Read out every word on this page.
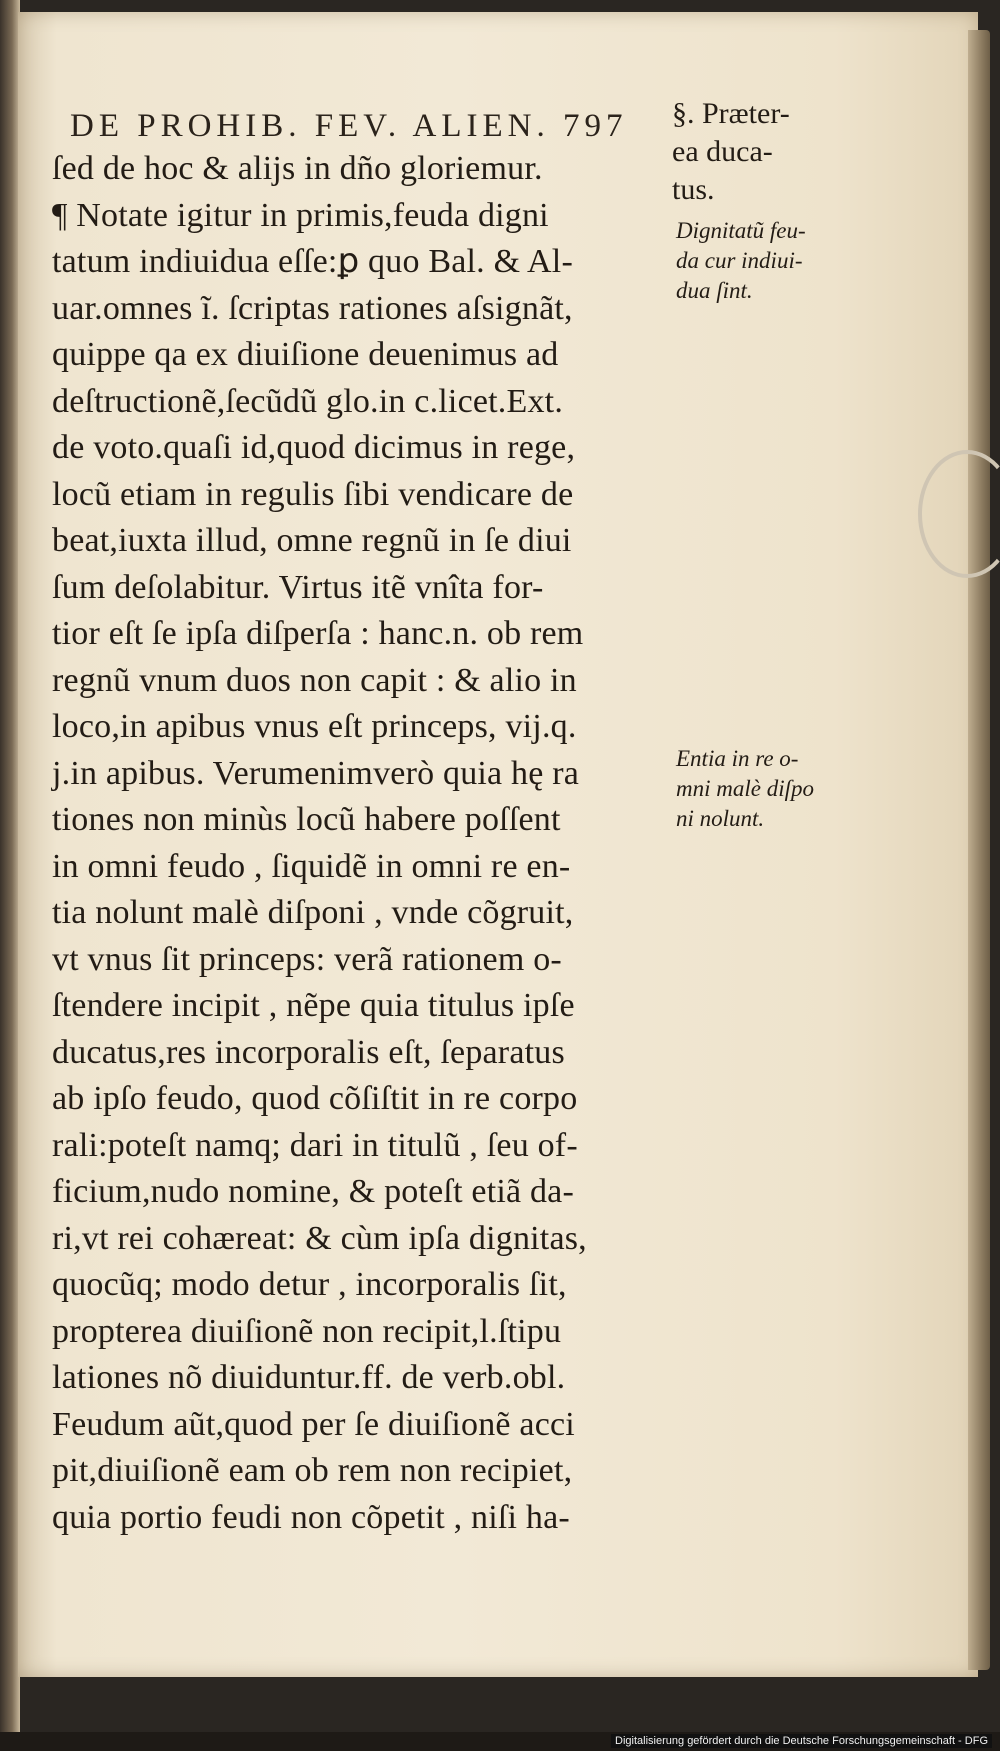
DE PROHIB. FEV. ALIEN. 797
ſed de hoc & alijs in dño gloriemur.
¶ Notate igitur in primis,feuda digni
tatum indiuidua eſſe:ꝑ quo Bal. & Al-
uar.omnes ĩ. ſcriptas rationes aſsignãt,
quippe qa ex diuiſione deuenimus ad
deſtructionẽ,ſecũdũ glo.in c.licet.Ext.
de voto.quaſi id,quod dicimus in rege,
locũ etiam in regulis ſibi vendicare de
beat,iuxta illud, omne regnũ in ſe diui
ſum deſolabitur. Virtus itẽ vnîta for-
tior eſt ſe ipſa diſperſa : hanc.n. ob rem
regnũ vnum duos non capit : & alio in
loco,in apibus vnus eſt princeps, vij.q.
j.in apibus. Verumenimverò quia hę ra
tiones non minùs locũ habere poſſent
in omni feudo , ſiquidẽ in omni re en-
tia nolunt malè diſponi , vnde cõgruit,
vt vnus ſit princeps: verã rationem o-
ſtendere incipit , nẽpe quia titulus ipſe
ducatus,res incorporalis eſt, ſeparatus
ab ipſo feudo, quod cõſiſtit in re corpo
rali:poteſt namq; dari in titulũ , ſeu of-
ficium,nudo nomine, & poteſt etiã da-
ri,vt rei cohæreat: & cùm ipſa dignitas,
quocũq; modo detur , incorporalis ſit,
propterea diuiſionẽ non recipit,l.ſtipu
lationes nõ diuiduntur.ff. de verb.obl.
Feudum aũt,quod per ſe diuiſionẽ acci
pit,diuiſionẽ eam ob rem non recipiet,
quia portio feudi non cõpetit , niſi ha-
§. Præter-
ea duca-
tus.
Dignitatũ feu-
da cur indiui-
dua ſint.
Entia in re o-
mni malè diſpo
ni nolunt.
Digitalisierung gefördert durch die Deutsche Forschungsgemeinschaft - DFG
